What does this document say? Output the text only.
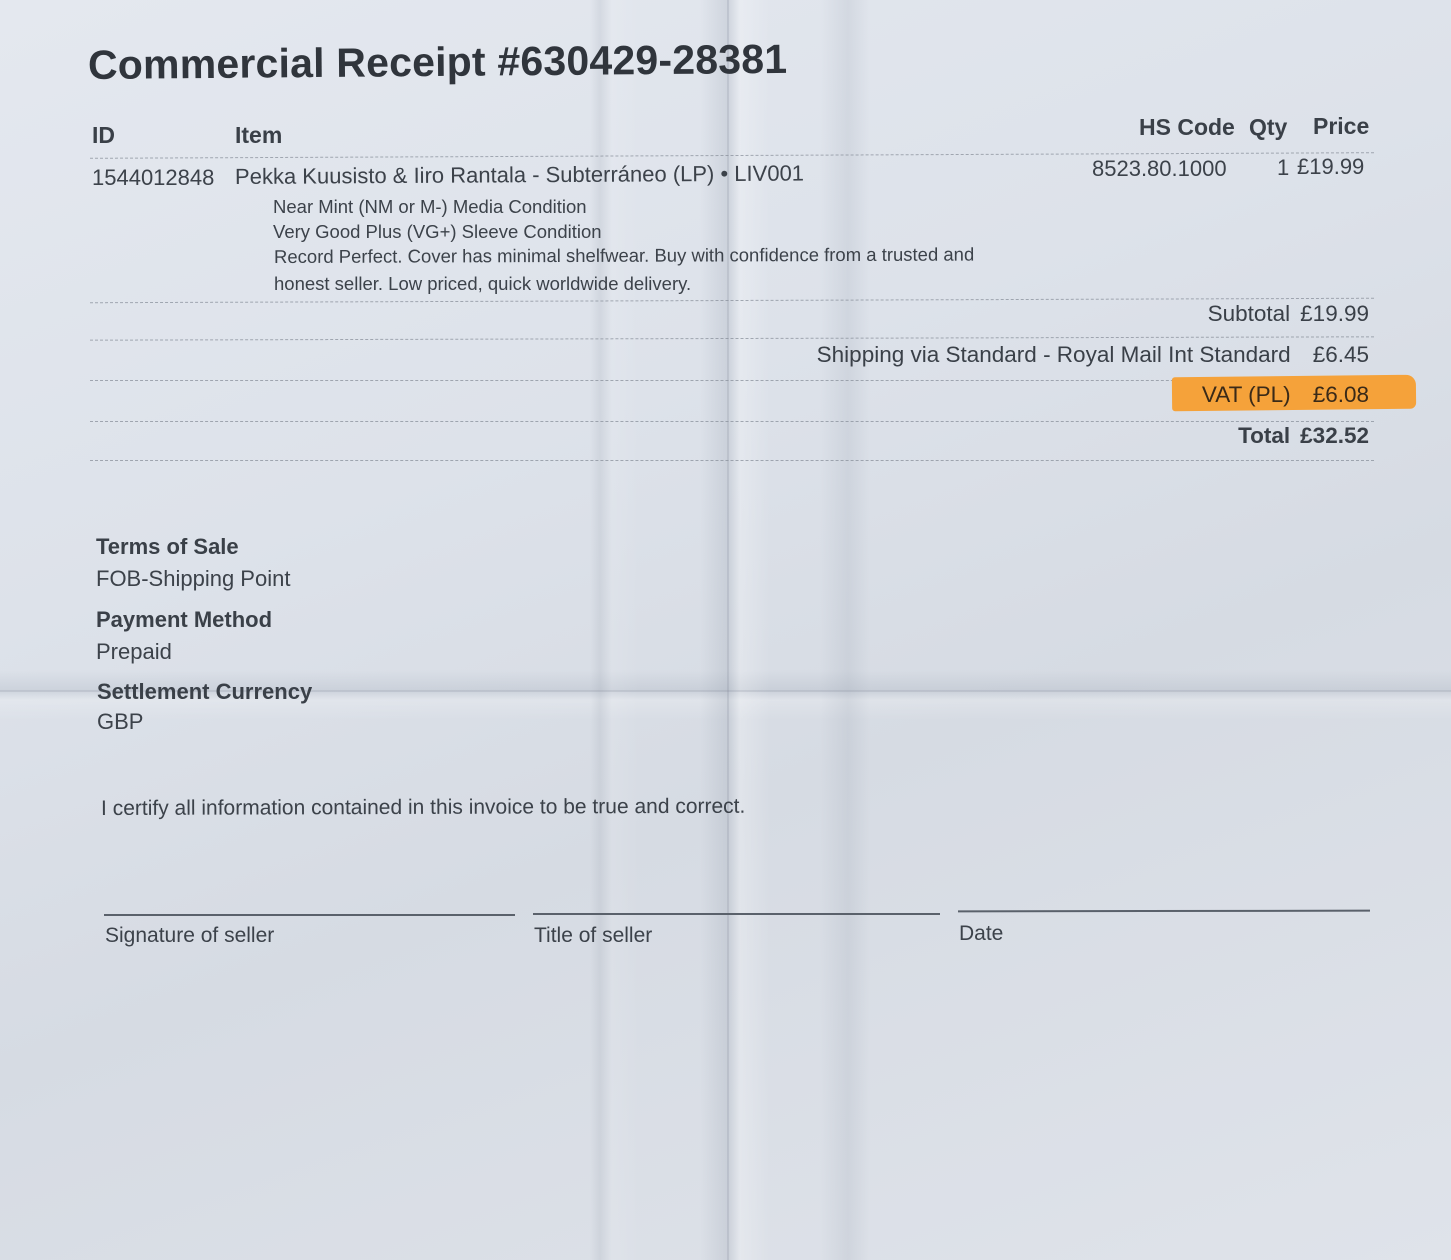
Commercial Receipt #630429-28381
ID	Item	HS Code Qty Price
1544012848 Pekka Kuusisto & Iiro Rantala - Subterráneo (LP) • LIV001	8523.80.1000 1 £19.99
Near Mint (NM or M-) Media Condition
Very Good Plus (VG+) Sleeve Condition
Record Perfect. Cover has minimal shelfwear. Buy with confidence from a trusted and
honest seller. Low priced, quick worldwide delivery.
Subtotal £19.99
Shipping via Standard - Royal Mail Int Standard £6.45
VAT (PL) £6.08
Total £32.52
Terms of Sale
FOB-Shipping Point
Payment Method
Prepaid
Settlement Currency
GBP
I certify all information contained in this invoice to be true and correct.
Signature of seller	Title of seller	Date
